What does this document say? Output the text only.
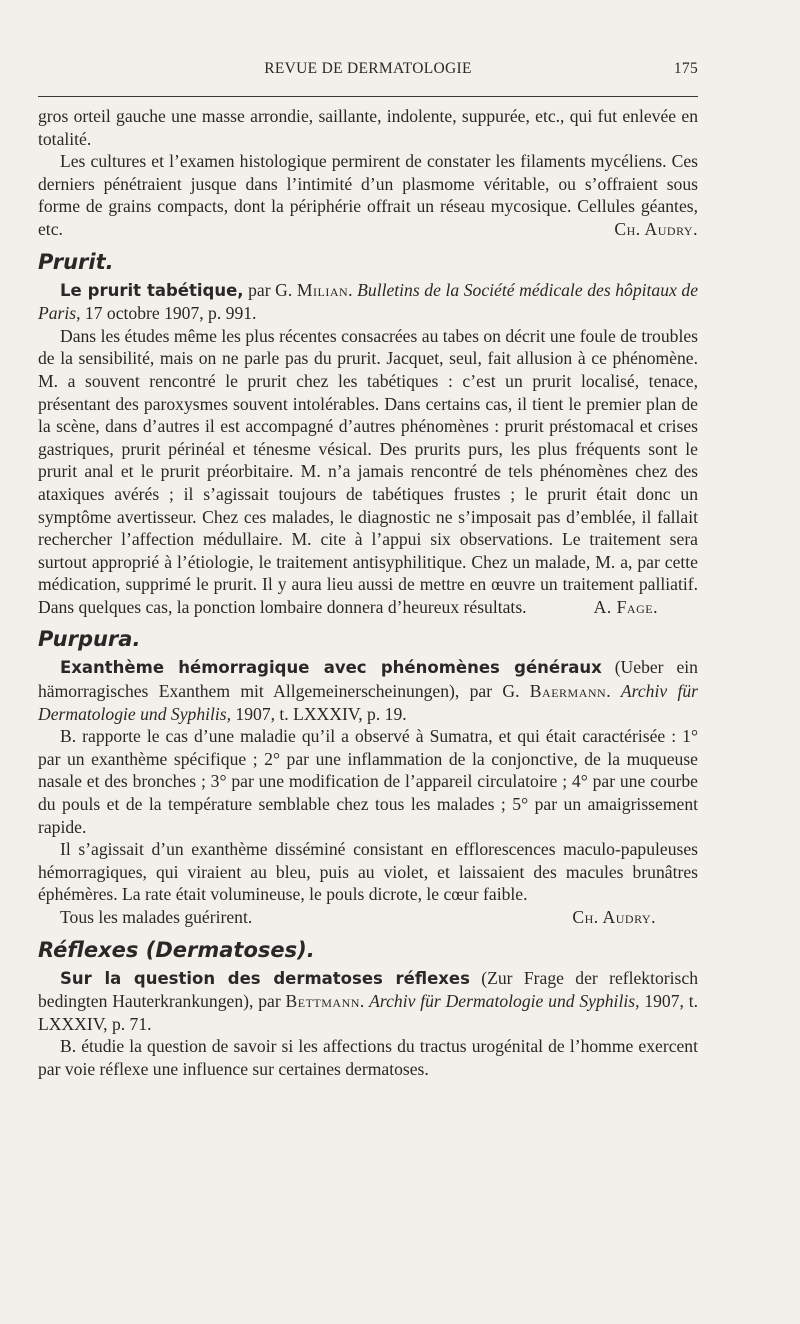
REVUE DE DERMATOLOGIE	175

gros orteil gauche une masse arrondie, saillante, indolente, suppurée, etc., qui fut enlevée en totalité.

Les cultures et l’examen histologique permirent de constater les filaments mycéliens. Ces derniers pénétraient jusque dans l’intimité d’un plasmome véritable, ou s’offraient sous forme de grains compacts, dont la périphérie offrait un réseau mycosique. Cellules géantes, etc.	Ch. Audry.

Prurit.

Le prurit tabétique, par G. Milian. Bulletins de la Société médicale des hôpitaux de Paris, 17 octobre 1907, p. 991.

Dans les études même les plus récentes consacrées au tabes on décrit une foule de troubles de la sensibilité, mais on ne parle pas du prurit. Jacquet, seul, fait allusion à ce phénomène. M. a souvent rencontré le prurit chez les tabétiques : c’est un prurit localisé, tenace, présentant des paroxysmes souvent intolérables. Dans certains cas, il tient le premier plan de la scène, dans d’autres il est accompagné d’autres phénomènes : prurit préstomacal et crises gastriques, prurit périnéal et ténesme vésical. Des prurits purs, les plus fréquents sont le prurit anal et le prurit préorbitaire. M. n’a jamais rencontré de tels phénomènes chez des ataxiques avérés ; il s’agissait toujours de tabétiques frustes ; le prurit était donc un symptôme avertisseur. Chez ces malades, le diagnostic ne s’imposait pas d’emblée, il fallait rechercher l’affection médullaire. M. cite à l’appui six observations. Le traitement sera surtout approprié à l’étiologie, le traitement antisyphilitique. Chez un malade, M. a, par cette médication, supprimé le prurit. Il y aura lieu aussi de mettre en œuvre un traitement palliatif. Dans quelques cas, la ponction lombaire donnera d’heureux résultats.	A. Fage.

Purpura.

Exanthème hémorragique avec phénomènes généraux (Ueber ein hämorragisches Exanthem mit Allgemeinerscheinungen), par G. Baermann. Archiv für Dermatologie und Syphilis, 1907, t. LXXXIV, p. 19.

B. rapporte le cas d’une maladie qu’il a observé à Sumatra, et qui était caractérisée : 1° par un exanthème spécifique ; 2° par une inflammation de la conjonctive, de la muqueuse nasale et des bronches ; 3° par une modification de l’appareil circulatoire ; 4° par une courbe du pouls et de la température semblable chez tous les malades ; 5° par un amaigrissement rapide.

Il s’agissait d’un exanthème disséminé consistant en efflorescences maculo-papuleuses hémorragiques, qui viraient au bleu, puis au violet, et laissaient des macules brunâtres éphémères. La rate était volumineuse, le pouls dicrote, le cœur faible.

Tous les malades guérirent.	Ch. Audry.

Réflexes (Dermatoses).

Sur la question des dermatoses réflexes (Zur Frage der reflektorisch bedingten Hauterkrankungen), par Bettmann. Archiv für Dermatologie und Syphilis, 1907, t. LXXXIV, p. 71.

B. étudie la question de savoir si les affections du tractus urogénital de l’homme exercent par voie réflexe une influence sur certaines dermatoses.
